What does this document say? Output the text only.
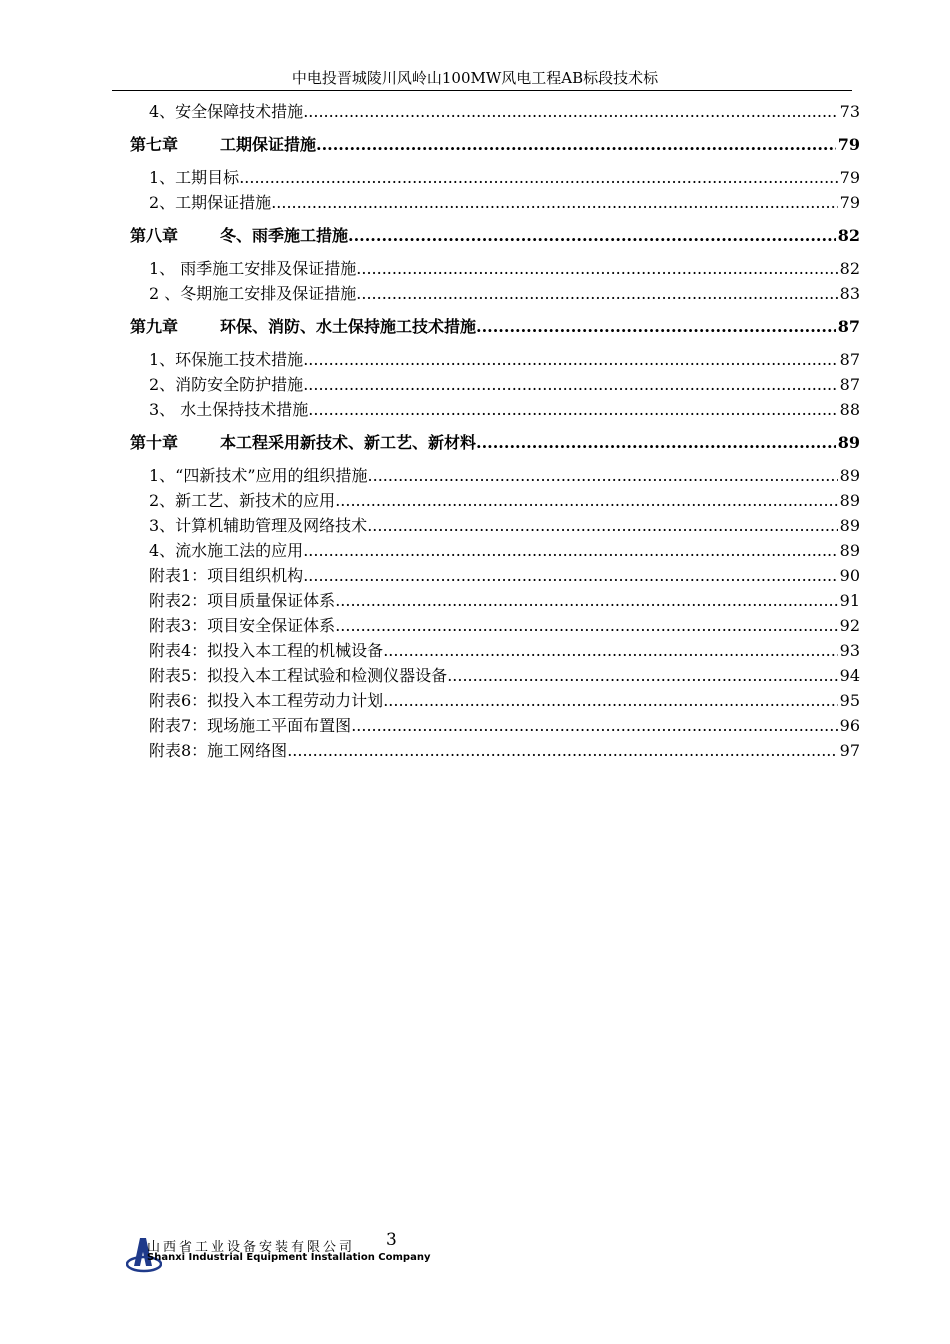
中电投晋城陵川风岭山100MW风电工程AB标段技术标
4、安全保障技术措施 .....	73
第七章	工期保证措施 .....	79
1、工期目标 .....	79
2、工期保证措施 .....	79
第八章	冬、雨季施工措施 .....	82
1、 雨季施工安排及保证措施 .....	82
2 、冬期施工安排及保证措施 .....	83
第九章	环保、消防、水土保持施工技术措施 .....	87
1、环保施工技术措施 .....	87
2、消防安全防护措施 .....	87
3、 水土保持技术措施 .....	88
第十章	本工程采用新技术、新工艺、新材料 .....	89
1、“四新技术”应用的组织措施 .....	89
2、新工艺、新技术的应用 .....	89
3、计算机辅助管理及网络技术 .....	89
4、流水施工法的应用 .....	89
附表1：项目组织机构 .....	90
附表2：项目质量保证体系 .....	91
附表3：项目安全保证体系 .....	92
附表4：拟投入本工程的机械设备 .....	93
附表5：拟投入本工程试验和检测仪器设备 .....	94
附表6：拟投入本工程劳动力计划 .....	95
附表7：现场施工平面布置图 .....	96
附表8：施工网络图 .....	97
山西省工业设备安装有限公司
Shanxi Industrial Equipment Installation Company
3
